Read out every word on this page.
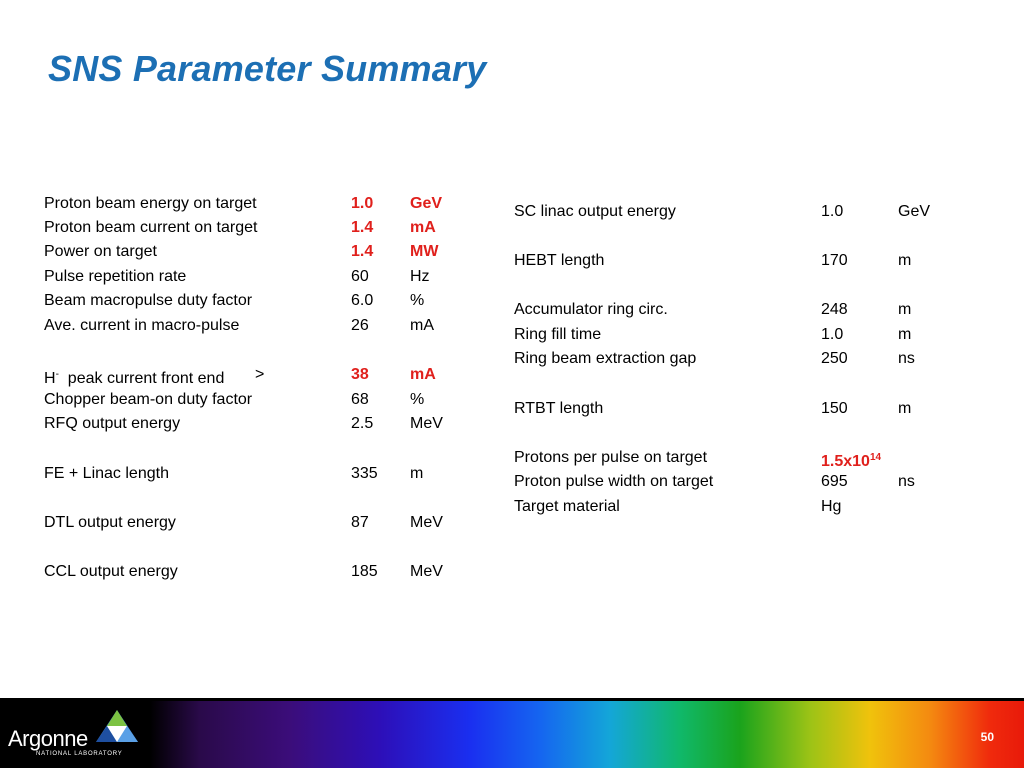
SNS Parameter Summary
Proton beam energy on target	1.0 GeV
Proton beam current on target	1.4 mA
Power on target	1.4 MW
Pulse repetition rate	60	Hz
Beam macropulse duty factor	6.0 %
Ave. current in macro-pulse	26	mA
H-  peak current front end >	38	mA
Chopper beam-on duty factor	68	%
RFQ output energy	2.5 MeV
FE + Linac length	335 m
DTL output energy	87	MeV
CCL output energy	185 MeV
SC linac output energy	1.0	GeV
HEBT length	170	m
Accumulator ring circ.	248	m
Ring fill time	1.0	m
Ring beam extraction gap	250	ns
RTBT length	150	m
Protons per pulse on target	$1.5x10^{14}$
Proton pulse width on target	695	ns
Target material	Hg
Argonne
NATIONAL LABORATORY
50
